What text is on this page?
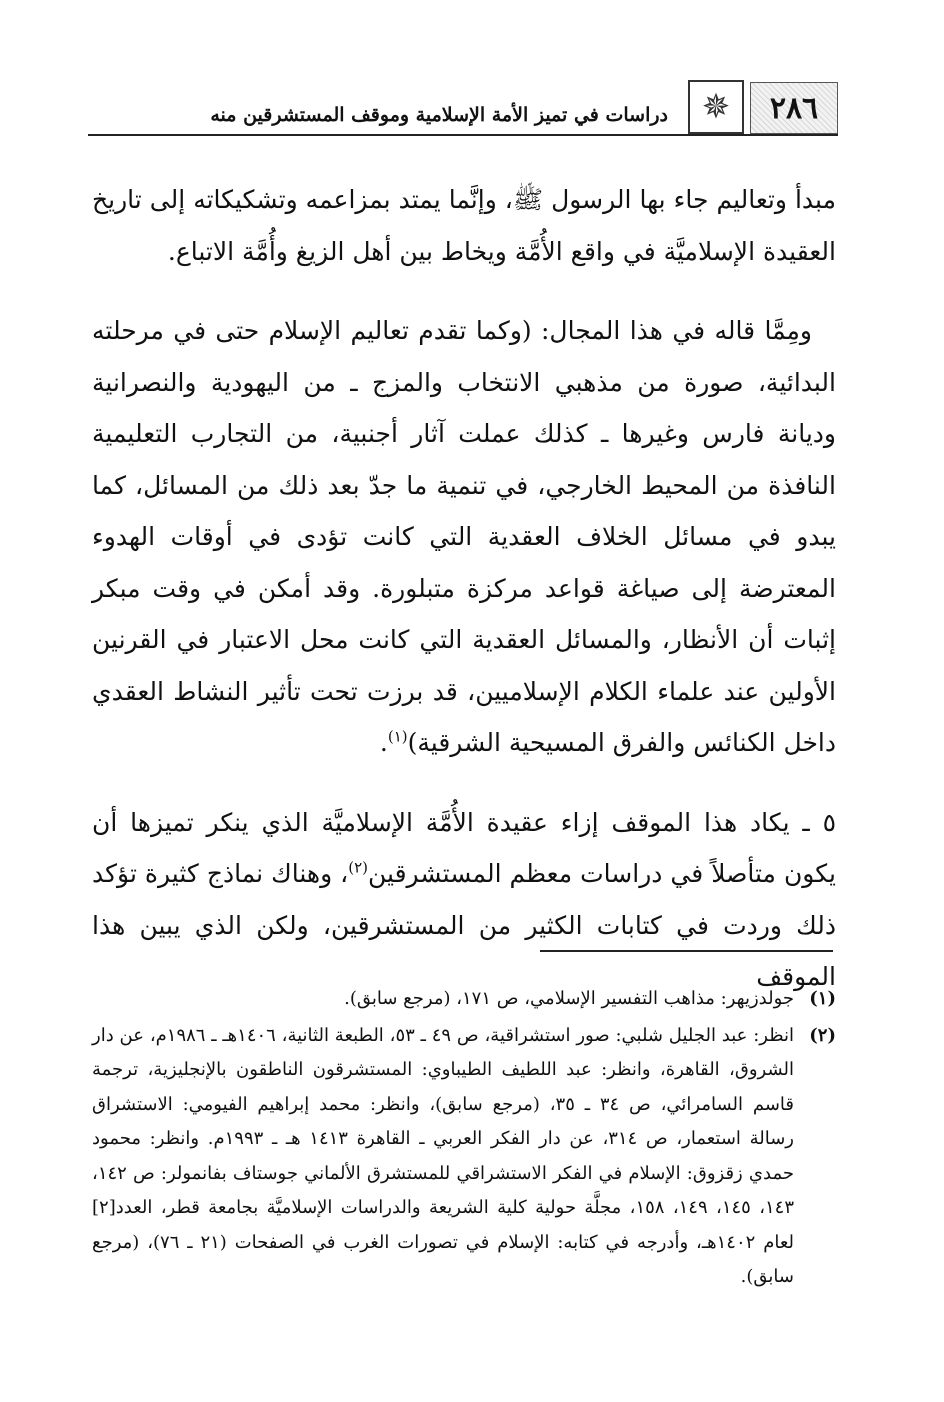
٢٨٦
✵
دراسات في تميز الأمة الإسلامية وموقف المستشرقين منه

مبدأ وتعاليم جاء بها الرسول ﷺ، وإنَّما يمتد بمزاعمه وتشكيكاته إلى تاريخ العقيدة الإسلاميَّة في واقع الأُمَّة ويخاط بين أهل الزيغ وأُمَّة الاتباع.

ومِمَّا قاله في هذا المجال: (وكما تقدم تعاليم الإسلام حتى في مرحلته البدائية، صورة من مذهبي الانتخاب والمزج ـ من اليهودية والنصرانية وديانة فارس وغيرها ـ كذلك عملت آثار أجنبية، من التجارب التعليمية النافذة من المحيط الخارجي، في تنمية ما جدّ بعد ذلك من المسائل، كما يبدو في مسائل الخلاف العقدية التي كانت تؤدى في أوقات الهدوء المعترضة إلى صياغة قواعد مركزة متبلورة. وقد أمكن في وقت مبكر إثبات أن الأنظار، والمسائل العقدية التي كانت محل الاعتبار في القرنين الأولين عند علماء الكلام الإسلاميين، قد برزت تحت تأثير النشاط العقدي داخل الكنائس والفرق المسيحية الشرقية)$^{(١)}$.

٥ ـ يكاد هذا الموقف إزاء عقيدة الأُمَّة الإسلاميَّة الذي ينكر تميزها أن يكون متأصلاً في دراسات معظم المستشرقين$^{(٢)}$، وهناك نماذج كثيرة تؤكد ذلك وردت في كتابات الكثير من المستشرقين، ولكن الذي يبين هذا الموقف

(١)
جولدزيهر: مذاهب التفسير الإسلامي، ص ١٧١، (مرجع سابق).
(٢)
انظر: عبد الجليل شلبي: صور استشراقية، ص ٤٩ ـ ٥٣، الطبعة الثانية، ١٤٠٦هـ ـ ١٩٨٦م، عن دار الشروق، القاهرة، وانظر: عبد اللطيف الطيباوي: المستشرقون الناطقون بالإنجليزية، ترجمة قاسم السامرائي، ص ٣٤ ـ ٣٥، (مرجع سابق)، وانظر: محمد إبراهيم الفيومي: الاستشراق رسالة استعمار، ص ٣١٤، عن دار الفكر العربي ـ القاهرة ١٤١٣ هـ ـ ١٩٩٣م. وانظر: محمود حمدي زقزوق: الإسلام في الفكر الاستشراقي للمستشرق الألماني جوستاف بفانمولر: ص ١٤٢، ١٤٣، ١٤٥، ١٤٩، ١٥٨، مجلَّة حولية كلية الشريعة والدراسات الإسلاميَّة بجامعة قطر، العدد[٢] لعام ١٤٠٢هـ، وأدرجه في كتابه: الإسلام في تصورات الغرب في الصفحات (٢١ ـ ٧٦)، (مرجع سابق).
